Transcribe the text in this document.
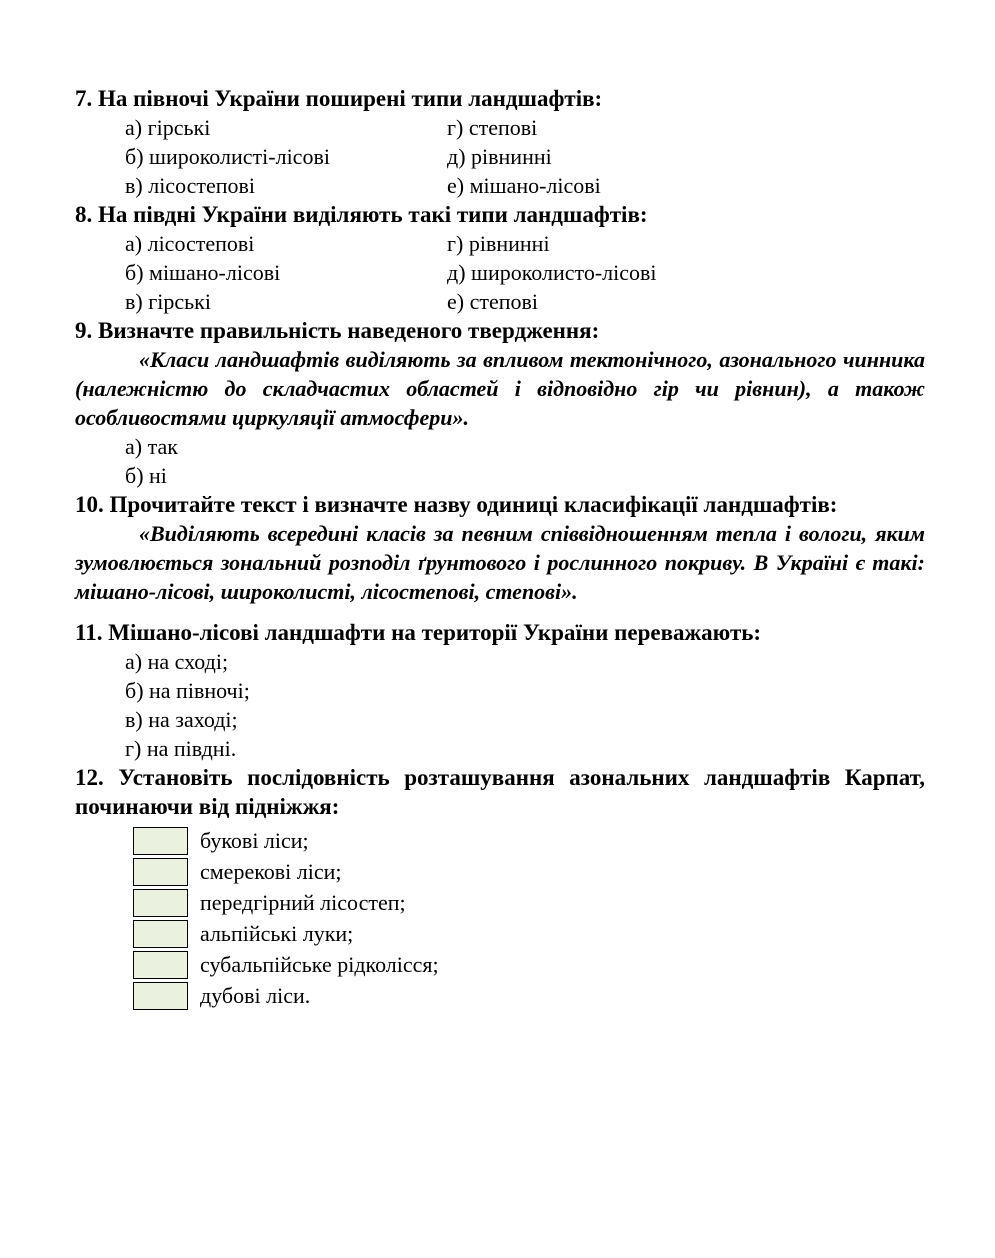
7. На півночі України поширені типи ландшафтів:

а) гірські	г) степові
б) широколисті-лісові	д) рівнинні
в) лісостепові	е) мішано-лісові

8. На півдні України виділяють такі типи ландшафтів:

а) лісостепові	г) рівнинні
б) мішано-лісові	д) широколисто-лісові
в) гірські	е) степові

9. Визначте правильність наведеного твердження:

«Класи ландшафтів виділяють за впливом тектонічного, азонального чинника (належністю до складчастих областей і відповідно гір чи рівнин), а також особливостями циркуляції атмосфери».

а) так
б) ні

10. Прочитайте текст і визначте назву одиниці класифікації ландшафтів:

«Виділяють всередині класів за певним співвідношенням тепла і вологи, яким зумовлюється зональний розподіл ґрунтового і рослинного покриву. В Україні є такі: мішано-лісові, широколисті, лісостепові, степові».

11. Мішано-лісові ландшафти на території України переважають:

а) на сході;
б) на півночі;
в) на заході;
г) на півдні.

12. Установіть послідовність розташування азональних ландшафтів Карпат, починаючи від підніжжя:

букові ліси;
смерекові ліси;
передгірний лісостеп;
альпійські луки;
субальпійське рідколісся;
дубові ліси.
